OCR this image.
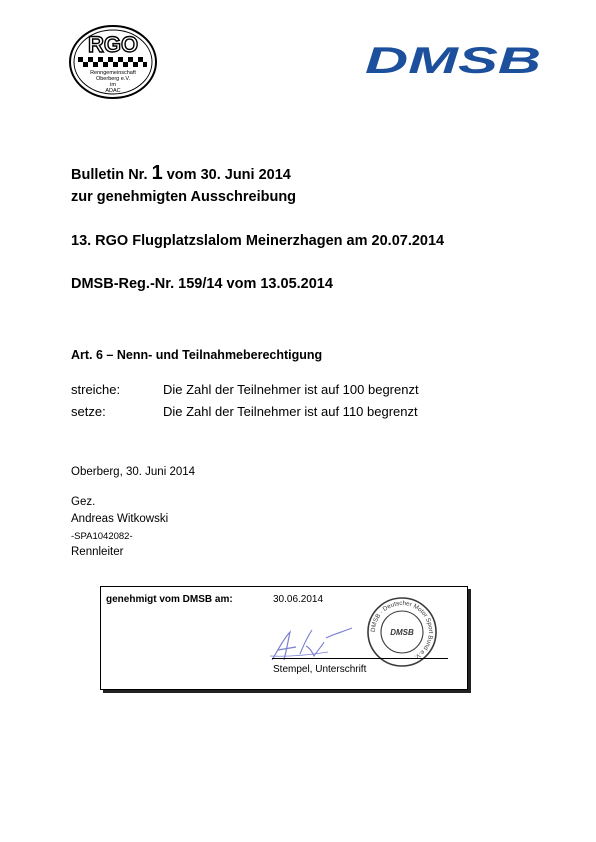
RGO
Renngemeinschaft
Oberberg e.V.
im
ADAC
DMSB
Bulletin Nr. 1 vom 30. Juni 2014
zur genehmigten Ausschreibung
13. RGO Flugplatzslalom Meinerzhagen am 20.07.2014
DMSB-Reg.-Nr. 159/14 vom 13.05.2014
Art. 6 – Nenn- und Teilnahmeberechtigung
streiche:	Die Zahl der Teilnehmer ist auf 100 begrenzt
setze:	Die Zahl der Teilnehmer ist auf 110 begrenzt
Oberberg, 30. Juni 2014
Gez.
Andreas Witkowski
-SPA1042082-
Rennleiter
genehmigt vom DMSB am:	30.06.2014
DMSB · Deutscher Motor Sport Bund e.V.
DMSB
Stempel, Unterschrift
